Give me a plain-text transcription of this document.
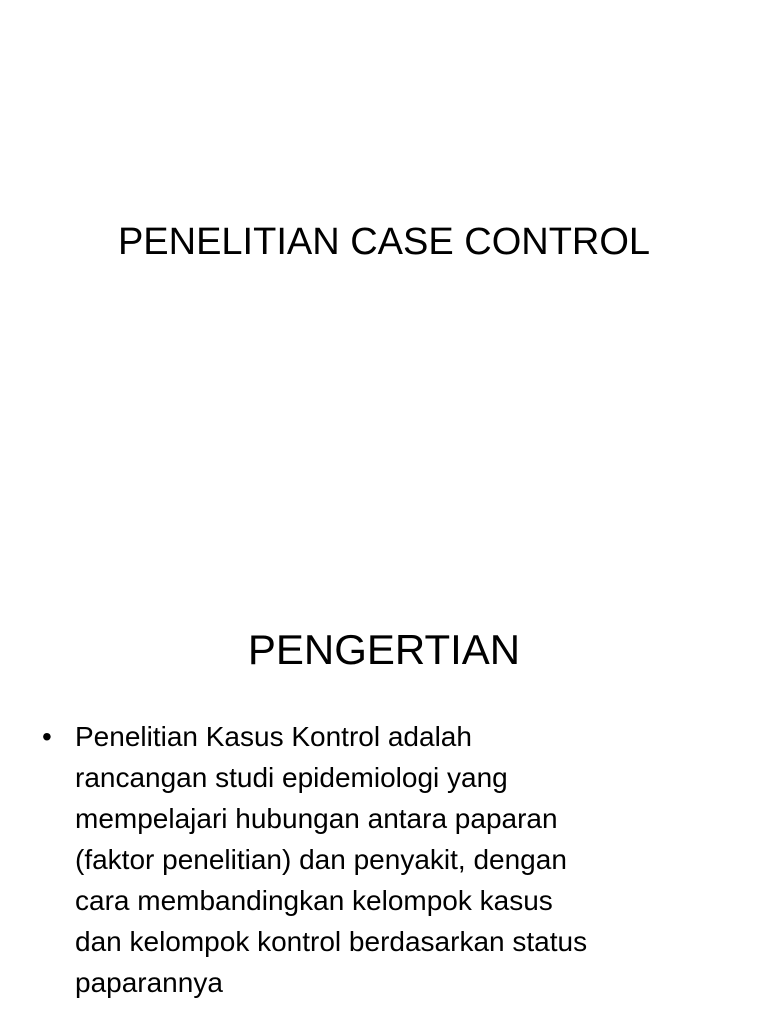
PENELITIAN CASE CONTROL
PENGERTIAN
• Penelitian Kasus Kontrol adalah
rancangan studi epidemiologi yang
mempelajari hubungan antara paparan
(faktor penelitian) dan penyakit, dengan
cara membandingkan kelompok kasus
dan kelompok kontrol berdasarkan status
paparannya
